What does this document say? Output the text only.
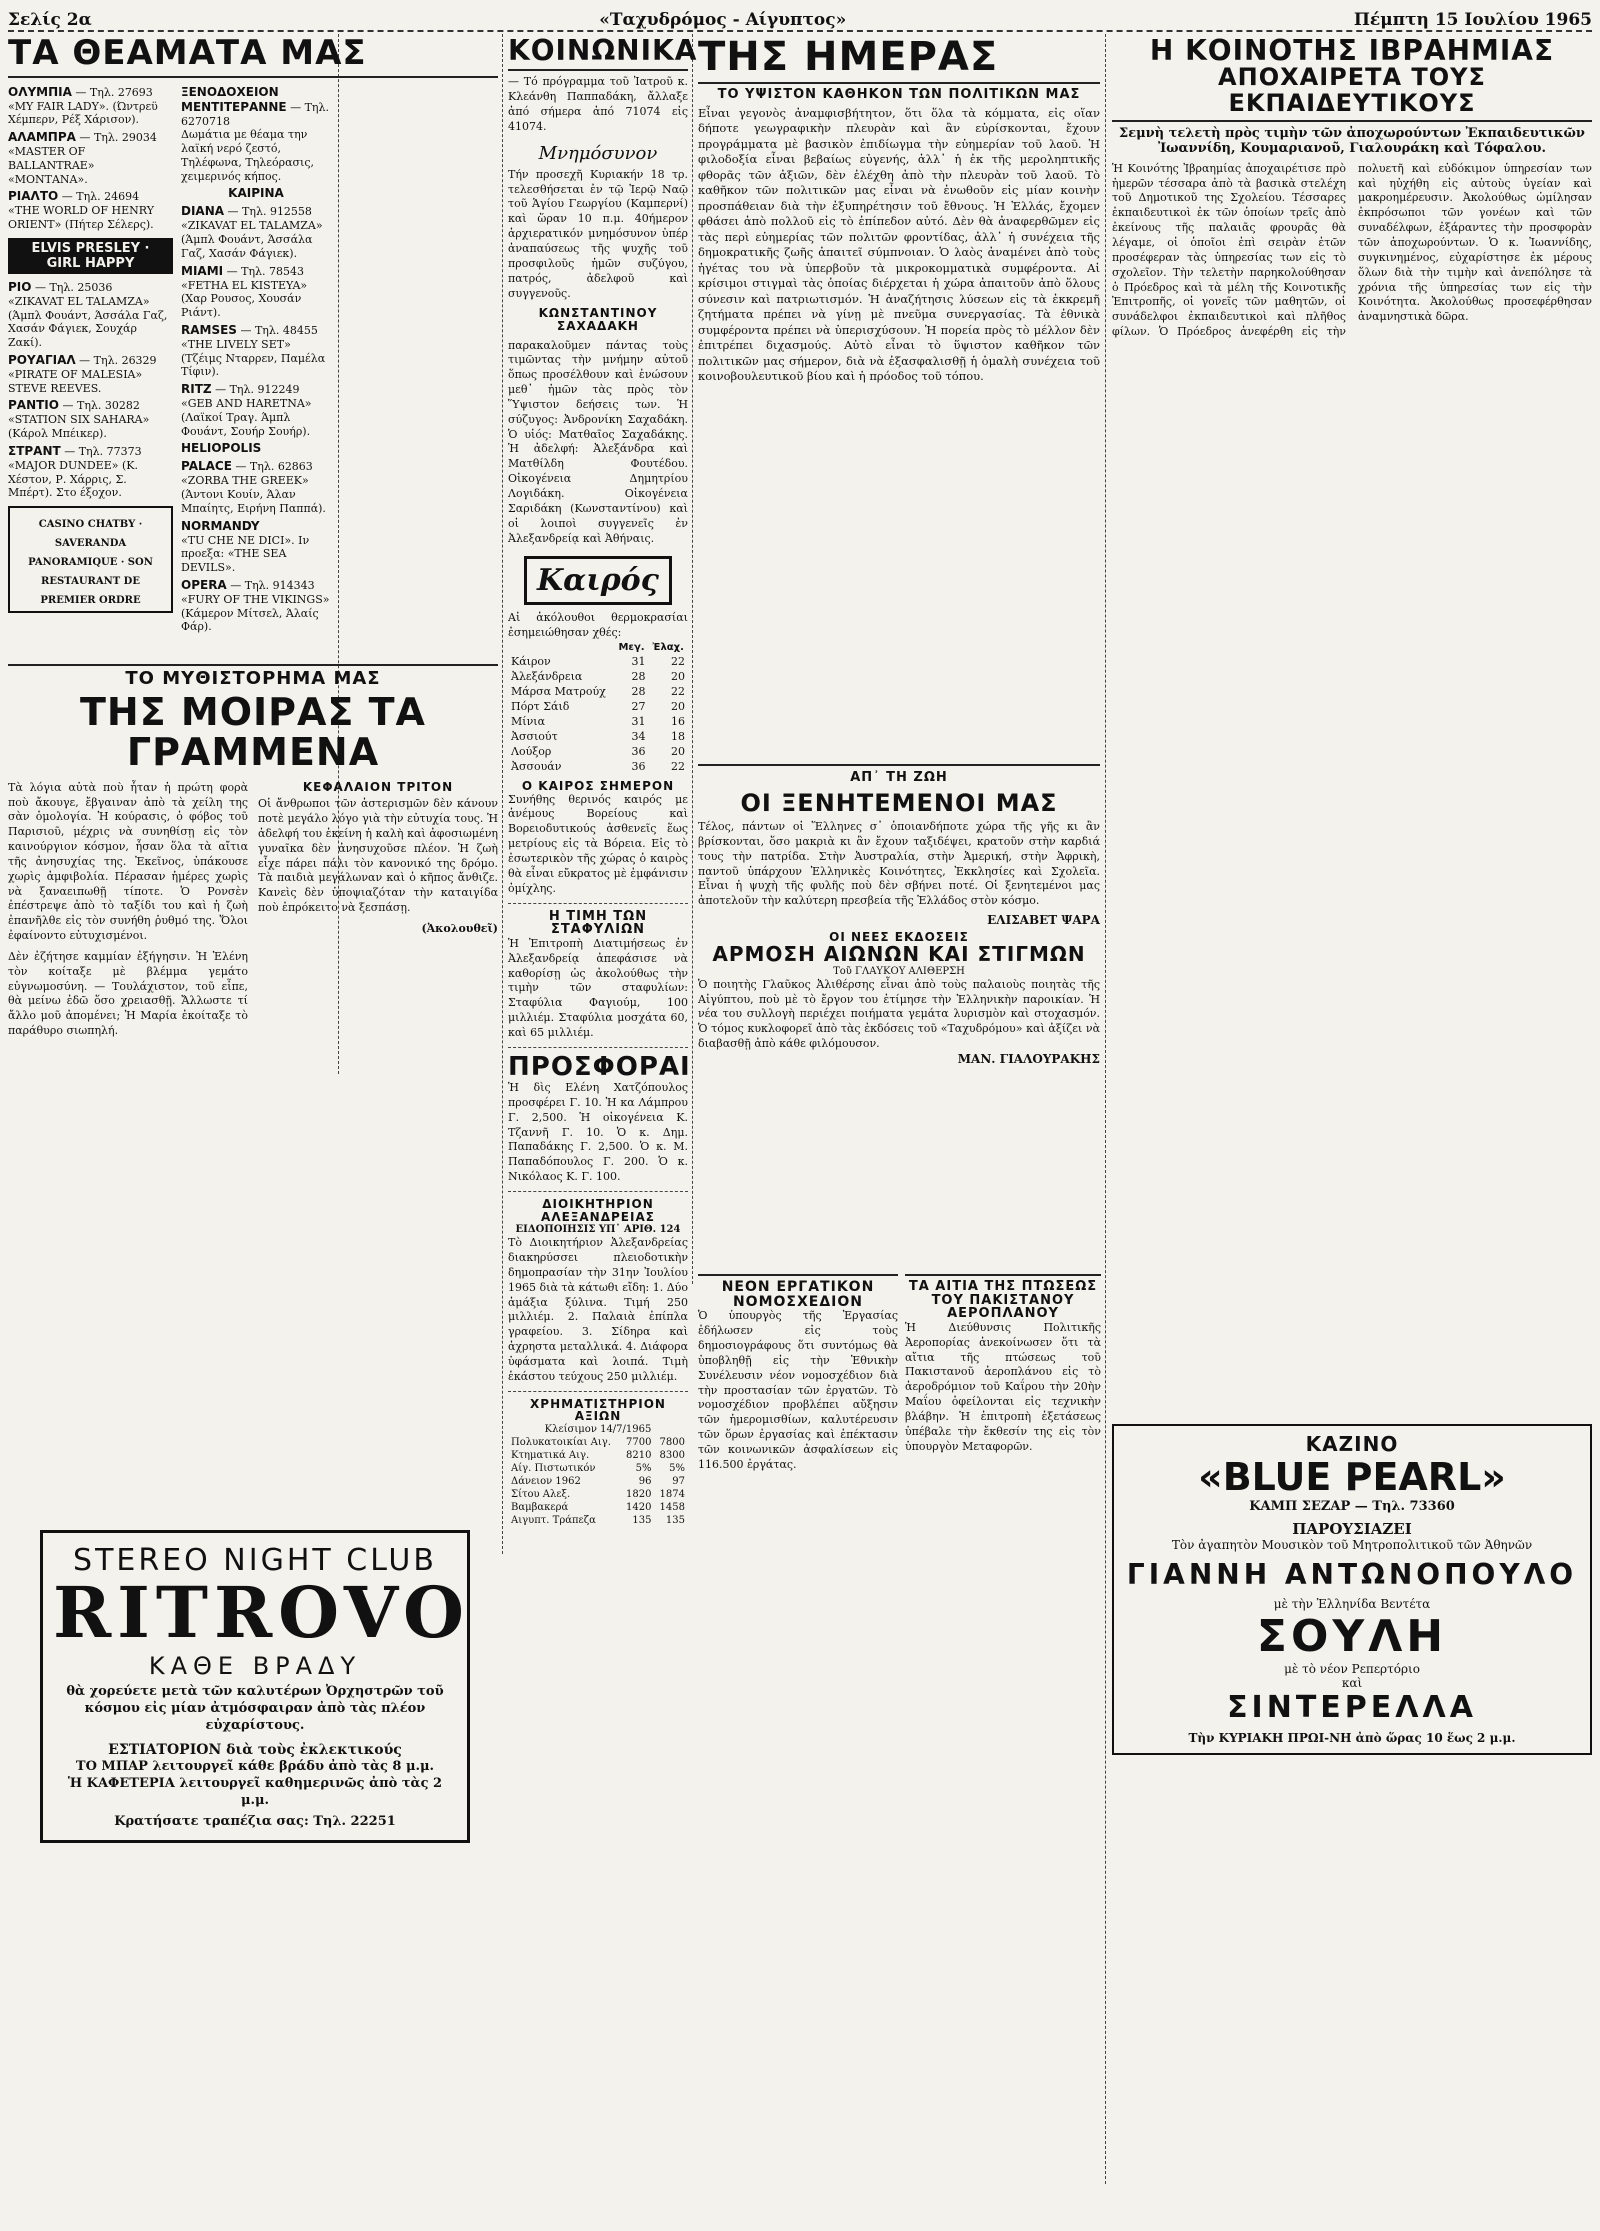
Σελίς 2α	«Ταχυδρόμος - Αίγυπτος»	Πέμπτη 15 Ιουλίου 1965
ΤΑ ΘΕΑΜΑΤΑ ΜΑΣ
ΟΛΥΜΠΙΑ — Τηλ. 27693
«MY FAIR LADY». (Ώντρεϋ Χέμπερν, Ρέξ Χάρισον).
ΑΛΑΜΠΡΑ — Τηλ. 29034
«MASTER OF BALLANTRAE» «ΜΟΝΤΑΝΑ».
ΡΙΑΛΤΟ — Τηλ. 24694
«THE WORLD OF HENRY ORIENT» (Πήτερ Σέλερς).
ELVIS PRESLEY · GIRL HAPPY
ΡΙΟ — Τηλ. 25036
«ZIKAVAT EL TALAMZA» (Άμπλ Φουάντ, Άσσάλα Γαζ, Χασάν Φάγιεκ, Σουχάρ Ζακί).
ΡΟΥΑΓΙΑΛ — Τηλ. 26329
«PIRATE OF MALESIA» STEVE REEVES.
ΡΑΝΤΙΟ — Τηλ. 30282
«STATION SIX SAHARA» (Κάρολ Μπέικερ).
ΣΤΡΑΝΤ — Τηλ. 77373
«MAJOR DUNDEE» (Κ. Χέστον, Ρ. Χάρρις, Σ. Μπέρτ). Στο έξοχον.
CASINO CHATBY · SAVERANDA PANORAMIQUE · SON RESTAURANT DE PREMIER ORDRE
ΞΕΝΟΔΟΧΕΙΟΝ ΜΕΝΤΙΤΕΡΑΝΝΕ — Τηλ. 6270718
Δωμάτια με θέαμα την λαϊκή νερό ζεστό, Τηλέφωνα, Τηλεόρασις, χειμερινός κήπος.
ΚΑΙΡΙΝΑ
DIANA — Τηλ. 912558
«ZIKAVAT EL TALAMZA» (Άμπλ Φουάντ, Άσσάλα Γαζ, Χασάν Φάγιεκ).
MIAMI — Τηλ. 78543
«FETHA EL KISTEYA» (Χαρ Ρουσος, Χουσάν Ριάντ).
RAMSES — Τηλ. 48455
«THE LIVELY SET» (Τζέιμς Νταρρεν, Παμέλα Τίφιν).
RITZ — Τηλ. 912249
«GEB AND HARETNA» (Λαϊκοί Τραγ. Άμπλ Φουάντ, Σουήρ Σουήρ).
HELIOPOLIS
PALACE — Τηλ. 62863
«ZORBA THE GREEK» (Άντονι Κουίν, Άλαν Μπαίητς, Ειρήνη Παππά).
NORMANDY
«TU CHE NE DICI». Ιν προεξα: «THE SEA DEVILS».
OPERA — Τηλ. 914343
«FURY OF THE VIKINGS» (Κάμερον Μίτσελ, Άλαίς Φάρ).
ΚΟΙΝΩΝΙΚΑ
— Τό πρόγραμμα τοῦ Ἰατροῦ κ. Κλεάνθη Παππαδάκη, ἄλλαξε ἀπό σήμερα ἀπό 71074 εἰς 41074.
Μνημόσυνον
Τήν προσεχῆ Κυριακήν 18 τρ. τελεσθήσεται ἐν τῷ Ἱερῷ Ναῷ τοῦ Ἁγίου Γεωργίου (Καμπερνί) καὶ ὥραν 10 π.μ. 40ήμερον ἀρχιερατικόν μνημόσυνον ὑπέρ ἀναπαύσεως τῆς ψυχῆς τοῦ προσφιλοῦς ἡμῶν συζύγου, πατρός, ἀδελφοῦ καὶ συγγενοῦς.
ΚΩΝΣΤΑΝΤΙΝΟΥ ΣΑΧΑΔΑΚΗ
παρακαλοῦμεν πάντας τοὺς τιμῶντας τὴν μνήμην αὐτοῦ ὅπως προσέλθουν καὶ ἑνώσουν μεθ᾽ ἡμῶν τὰς πρὸς τὸν Ὕψιστον δεήσεις των. Ἡ σύζυγος: Ἀνδρονίκη Σαχαδάκη. Ὁ υἱός: Ματθαῖος Σαχαδάκης. Ἡ ἀδελφή: Ἀλεξάνδρα καὶ Ματθίλδη Φουτέδου. Οἰκογένεια Δημητρίου Λογιδάκη. Οἰκογένεια Σαριδάκη (Κωνσταντίνου) καὶ οἱ λοιποὶ συγγενεῖς ἐν Ἀλεξανδρείᾳ καὶ Ἀθήναις.
Καιρός
Αἱ ἀκόλουθοι θερμοκρασίαι ἐσημειώθησαν χθές:
	Μεγ.	Ἐλαχ.
Κάιρον	31	22
Ἀλεξάνδρεια	28	20
Μάρσα Ματρούχ	28	22
Πόρτ Σάιδ	27	20
Μίνια	31	16
Ἀσσιούτ	34	18
Λούξορ	36	20
Ἀσσουάν	36	22
Ο ΚΑΙΡΟΣ ΣΗΜΕΡΟΝ
Συνήθης θερινός καιρός με ἀνέμους Βορείους καὶ Βορειοδυτικούς ἀσθενεῖς ἕως μετρίους εἰς τὰ Βόρεια. Εἰς τὸ ἐσωτερικὸν τῆς χώρας ὁ καιρὸς θὰ εἶναι εὔκρατος μὲ ἐμφάνισιν ὀμίχλης.
Η ΤΙΜΗ ΤΩΝ ΣΤΑΦΥΛΙΩΝ
Ἡ Ἐπιτροπὴ Διατιμήσεως ἐν Ἀλεξανδρείᾳ ἀπεφάσισε νὰ καθορίσῃ ὡς ἀκολούθως τὴν τιμὴν τῶν σταφυλίων: Σταφύλια Φαγιούμ, 100 μιλλιέμ. Σταφύλια μοσχάτα 60, καὶ 65 μιλλιέμ.
ΠΡΟΣΦΟΡΑΙ
Ἡ δὶς Ελένη Χατζόπουλος προσφέρει Γ. 10. Ἡ κα Λάμπρου Γ. 2,500. Ἡ οἰκογένεια Κ. Τζαννῆ Γ. 10. Ὁ κ. Δημ. Παπαδάκης Γ. 2,500. Ὁ κ. Μ. Παπαδόπουλος Γ. 200. Ὁ κ. Νικόλαος Κ. Γ. 100.
ΔΙΟΙΚΗΤΗΡΙΟΝ ΑΛΕΞΑΝΔΡΕΙΑΣ
ΕΙΔΟΠΟΙΗΣΙΣ ΥΠ᾽ ΑΡΙΘ. 124
Τὸ Διοικητήριον Ἀλεξανδρείας διακηρύσσει πλειοδοτικὴν δημοπρασίαν τὴν 31ην Ἰουλίου 1965 διὰ τὰ κάτωθι εἴδη: 1. Δύο ἁμάξια ξύλινα. Τιμή 250 μιλλιέμ. 2. Παλαιὰ ἐπίπλα γραφείου. 3. Σίδηρα καὶ ἀχρηστα μεταλλικά. 4. Διάφορα ὑφάσματα καὶ λοιπά. Τιμὴ ἑκάστου τεύχους 250 μιλλιέμ.
ΧΡΗΜΑΤΙΣΤΗΡΙΟΝ ΑΞΙΩΝ
Κλείσιμον 14/7/1965
Πολυκατοικίαι Αιγ.	7700	7800
Κτηματικά Αιγ.	8210	8300
Αίγ. Πιστωτικόν	5%	5%
Δάνειον 1962	96	97
Σίτου Αλεξ.	1820	1874
Βαμβακερά	1420	1458
Αιγυπτ. Τράπεζα	135	135
ΤΗΣ ΗΜΕΡΑΣ
ΤΟ ΥΨΙΣΤΟΝ ΚΑΘΗΚΟΝ ΤΩΝ ΠΟΛΙΤΙΚΩΝ ΜΑΣ
Εἶναι γεγονὸς ἀναμφισβήτητον, ὅτι ὅλα τὰ κόμματα, εἰς οἵαν δήποτε γεωγραφικὴν πλευρὰν καὶ ἂν εὑρίσκονται, ἔχουν προγράμματα μὲ βασικὸν ἐπιδίωγμα τὴν εὐημερίαν τοῦ λαοῦ. Ἡ φιλοδοξία εἶναι βεβαίως εὐγενής, ἀλλ᾽ ἡ ἐκ τῆς μεροληπτικῆς φθορᾶς τῶν ἀξιῶν, δὲν ἐλέχθη ἀπὸ τὴν πλευρὰν τοῦ λαοῦ. Τὸ καθῆκον τῶν πολιτικῶν μας εἶναι νὰ ἐνωθοῦν εἰς μίαν κοινὴν προσπάθειαν διὰ τὴν ἐξυπηρέτησιν τοῦ ἔθνους. Ἡ Ἑλλάς, ἔχομεν φθάσει ἀπὸ πολλοῦ εἰς τὸ ἐπίπεδον αὐτό. Δὲν θὰ ἀναφερθῶμεν εἰς τὰς περὶ εὐημερίας τῶν πολιτῶν φροντίδας, ἀλλ᾽ ἡ συνέχεια τῆς δημοκρατικῆς ζωῆς ἀπαιτεῖ σύμπνοιαν. Ὁ λαὸς ἀναμένει ἀπὸ τοὺς ἡγέτας του νὰ ὑπερβοῦν τὰ μικροκομματικὰ συμφέροντα. Αἱ κρίσιμοι στιγμαὶ τὰς ὁποίας διέρχεται ἡ χώρα ἀπαιτοῦν ἀπὸ ὅλους σύνεσιν καὶ πατριωτισμόν. Ἡ ἀναζήτησις λύσεων εἰς τὰ ἐκκρεμῆ ζητήματα πρέπει νὰ γίνῃ μὲ πνεῦμα συνεργασίας. Τὰ ἐθνικὰ συμφέροντα πρέπει νὰ ὑπερισχύσουν. Ἡ πορεία πρὸς τὸ μέλλον δὲν ἐπιτρέπει διχασμούς. Αὐτὸ εἶναι τὸ ὕψιστον καθῆκον τῶν πολιτικῶν μας σήμερον, διὰ νὰ ἐξασφαλισθῇ ἡ ὁμαλὴ συνέχεια τοῦ κοινοβουλευτικοῦ βίου καὶ ἡ πρόοδος τοῦ τόπου.
ΑΠ᾽ ΤΗ ΖΩΗ
ΟΙ ΞΕΝΗΤΕΜΕΝΟΙ ΜΑΣ
Τέλος, πάντων οἱ Ἕλληνες σ᾽ ὁποιανδήποτε χώρα τῆς γῆς κι ἂν βρίσκονται, ὅσο μακριὰ κι ἂν ἔχουν ταξιδέψει, κρατοῦν στὴν καρδιά τους τὴν πατρίδα. Στὴν Ἀυστραλία, στὴν Ἀμερική, στὴν Ἀφρικὴ, παντοῦ ὑπάρχουν Ἑλληνικὲς Κοινότητες, Ἐκκλησίες καὶ Σχολεῖα. Εἶναι ἡ ψυχὴ τῆς φυλῆς ποὺ δὲν σβήνει ποτέ. Οἱ ξενητεμένοι μας ἀποτελοῦν τὴν καλύτερη πρεσβεία τῆς Ἑλλάδος στὸν κόσμο.
ΕΛΙΣΑΒΕΤ ΨΑΡΑ
ΟΙ ΝΕΕΣ ΕΚΔΟΣΕΙΣ
ΑΡΜΟΣΗ ΑΙΩΝΩΝ ΚΑΙ ΣΤΙΓΜΩΝ
Τοῦ ΓΛΑΥΚΟΥ ΑΛΙΘΕΡΣΗ
Ὁ ποιητὴς Γλαῦκος Ἀλιθέρσης εἶναι ἀπὸ τοὺς παλαιοὺς ποιητὰς τῆς Αἰγύπτου, ποὺ μὲ τὸ ἔργον του ἐτίμησε τὴν Ἑλληνικὴν παροικίαν. Ἡ νέα του συλλογὴ περιέχει ποιήματα γεμάτα λυρισμὸν καὶ στοχασμόν. Ὁ τόμος κυκλοφορεῖ ἀπὸ τὰς ἐκδόσεις τοῦ «Ταχυδρόμου» καὶ ἀξίζει νὰ διαβασθῇ ἀπὸ κάθε φιλόμουσον.
ΜΑΝ. ΓΙΑΛΟΥΡΑΚΗΣ
Η ΚΟΙΝΟΤΗΣ ΙΒΡΑΗΜΙΑΣ
ΑΠΟΧΑΙΡΕΤΑ ΤΟΥΣ ΕΚΠΑΙΔΕΥΤΙΚΟΥΣ
Σεμνὴ τελετὴ πρὸς τιμὴν τῶν ἀποχωρούντων Ἐκπαιδευτικῶν Ἰωαννίδη, Κουμαριανοῦ, Γιαλουράκη καὶ Τόφαλου.
Ἡ Κοινότης Ἰβραημίας ἀποχαιρέτισε πρὸ ἡμερῶν τέσσαρα ἀπὸ τὰ βασικὰ στελέχη τοῦ Δημοτικοῦ της Σχολείου. Τέσσαρες ἐκπαιδευτικοὶ ἐκ τῶν ὁποίων τρεῖς ἀπὸ ἐκείνους τῆς παλαιᾶς φρουρᾶς θὰ λέγαμε, οἱ ὁποῖοι ἐπὶ σειρὰν ἐτῶν προσέφεραν τὰς ὑπηρεσίας των εἰς τὸ σχολεῖον. Τὴν τελετὴν παρηκολούθησαν ὁ Πρόεδρος καὶ τὰ μέλη τῆς Κοινοτικῆς Ἐπιτροπῆς, οἱ γονεῖς τῶν μαθητῶν, οἱ συνάδελφοι ἐκπαιδευτικοὶ καὶ πλῆθος φίλων. Ὁ Πρόεδρος ἀνεφέρθη εἰς τὴν πολυετῆ καὶ εὐδόκιμον ὑπηρεσίαν των καὶ ηὐχήθη εἰς αὐτοὺς ὑγείαν καὶ μακροημέρευσιν. Ἀκολούθως ὡμίλησαν ἐκπρόσωποι τῶν γονέων καὶ τῶν συναδέλφων, ἐξάραντες τὴν προσφορὰν τῶν ἀποχωρούντων. Ὁ κ. Ἰωαννίδης, συγκινημένος, εὐχαρίστησε ἐκ μέρους ὅλων διὰ τὴν τιμὴν καὶ ἀνεπόλησε τὰ χρόνια τῆς ὑπηρεσίας των εἰς τὴν Κοινότητα. Ἀκολούθως προσεφέρθησαν ἀναμνηστικὰ δῶρα.
ΚΑΖΙΝΟ
«BLUE PEARL»
ΚΑΜΠ ΣΕΖΑΡ — Τηλ. 73360
ΠΑΡΟΥΣΙΑΖΕΙ
Τὸν ἀγαπητὸν Μουσικὸν τοῦ Μητροπολιτικοῦ τῶν Ἀθηνῶν
ΓΙΑΝΝΗ ΑΝΤΩΝΟΠΟΥΛΟ
μὲ τὴν Ἑλληνίδα Βεντέτα
ΣΟΥΛΗ
μὲ τὸ νέον Ρεπερτόριο
καὶ
ΣΙΝΤΕΡΕΛΛΑ
Τὴν ΚΥΡΙΑΚΗ ΠΡΩΙ-ΝΗ ἀπὸ ὥρας 10 ἕως 2 μ.μ.
ΤΟ ΜΥΘΙΣΤΟΡΗΜΑ ΜΑΣ
ΤΗΣ ΜΟΙΡΑΣ ΤΑ ΓΡΑΜΜΕΝΑ
Τὰ λόγια αὐτὰ ποὺ ἦταν ἡ πρώτη φορὰ ποὺ ἄκουγε, ἔβγαιναν ἀπὸ τὰ χείλη της σὰν ὁμολογία. Ἡ κούρασις, ὁ φόβος τοῦ Παρισιοῦ, μέχρις νὰ συνηθίσῃ εἰς τὸν καινούργιον κόσμον, ἦσαν ὅλα τὰ αἴτια τῆς ἀνησυχίας της. Ἐκεῖνος, ὑπάκουσε χωρὶς ἀμφιβολία. Πέρασαν ἡμέρες χωρὶς νὰ ξαναειπωθῇ τίποτε. Ὁ Ρονσὲν ἐπέστρεψε ἀπὸ τὸ ταξίδι του καὶ ἡ ζωὴ ἐπανῆλθε εἰς τὸν συνήθη ῥυθμό της. Ὅλοι ἐφαίνοντο εὐτυχισμένοι.
Δὲν ἐζήτησε καμμίαν ἐξήγησιν. Ἡ Ἑλένη τὸν κοίταξε μὲ βλέμμα γεμάτο εὐγνωμοσύνη. — Τουλάχιστον, τοῦ εἶπε, θὰ μείνω ἐδῶ ὅσο χρειασθῇ. Ἄλλωστε τί ἄλλο μοῦ ἀπομένει; Ἡ Μαρία ἐκοίταξε τὸ παράθυρο σιωπηλή.
ΚΕΦΑΛΑΙΟΝ ΤΡΙΤΟΝ
Οἱ ἄνθρωποι τῶν ἀστερισμῶν δὲν κάνουν ποτὲ μεγάλο λόγο γιὰ τὴν εὐτυχία τους. Ἡ ἀδελφή του ἐκείνη ἡ καλὴ καὶ ἀφοσιωμένη γυναῖκα δὲν ἀνησυχοῦσε πλέον. Ἡ ζωὴ εἶχε πάρει πάλι τὸν κανονικό της δρόμο. Τὰ παιδιὰ μεγάλωναν καὶ ὁ κῆπος ἄνθιζε. Κανεὶς δὲν ὑποψιαζόταν τὴν καταιγίδα ποὺ ἐπρόκειτο νὰ ξεσπάσῃ.
(Ἀκολουθεῖ)
STEREO NIGHT CLUB
RITROVO
ΚΑΘΕ ΒΡΑΔΥ
θὰ χορεύετε μετὰ τῶν καλυτέρων Ὀρχηστρῶν τοῦ κόσμου εἰς μίαν ἀτμόσφαιραν ἀπὸ τὰς πλέον εὐχαρίστους.
ΕΣΤΙΑΤΟΡΙΟΝ διὰ τοὺς ἐκλεκτικούς
ΤΟ ΜΠΑΡ λειτουργεῖ κάθε βράδυ ἀπὸ τὰς 8 μ.μ.
Ἡ ΚΑΦΕΤΕΡΙΑ λειτουργεῖ καθημερινῶς ἀπὸ τὰς 2 μ.μ.
Κρατήσατε τραπέζια σας: Τηλ. 22251
ΝΕΟΝ ΕΡΓΑΤΙΚΟΝ ΝΟΜΟΣΧΕΔΙΟΝ
Ὁ ὑπουργὸς τῆς Ἐργασίας ἐδήλωσεν εἰς τοὺς δημοσιογράφους ὅτι συντόμως θὰ ὑποβληθῇ εἰς τὴν Ἐθνικὴν Συνέλευσιν νέον νομοσχέδιον διὰ τὴν προστασίαν τῶν ἐργατῶν. Τὸ νομοσχέδιον προβλέπει αὔξησιν τῶν ἡμερομισθίων, καλυτέρευσιν τῶν ὅρων ἐργασίας καὶ ἐπέκτασιν τῶν κοινωνικῶν ἀσφαλίσεων εἰς 116.500 ἐργάτας.
ΤΑ ΑΙΤΙΑ ΤΗΣ ΠΤΩΣΕΩΣ ΤΟΥ ΠΑΚΙΣΤΑΝΟΥ ΑΕΡΟΠΛΑΝΟΥ
Ἡ Διεύθυνσις Πολιτικῆς Ἀεροπορίας ἀνεκοίνωσεν ὅτι τὰ αἴτια τῆς πτώσεως τοῦ Πακιστανοῦ ἀεροπλάνου εἰς τὸ ἀεροδρόμιον τοῦ Καΐρου τὴν 20ὴν Μαΐου ὀφείλονται εἰς τεχνικὴν βλάβην. Ἡ ἐπιτροπὴ ἐξετάσεως ὑπέβαλε τὴν ἔκθεσίν της εἰς τὸν ὑπουργὸν Μεταφορῶν.
